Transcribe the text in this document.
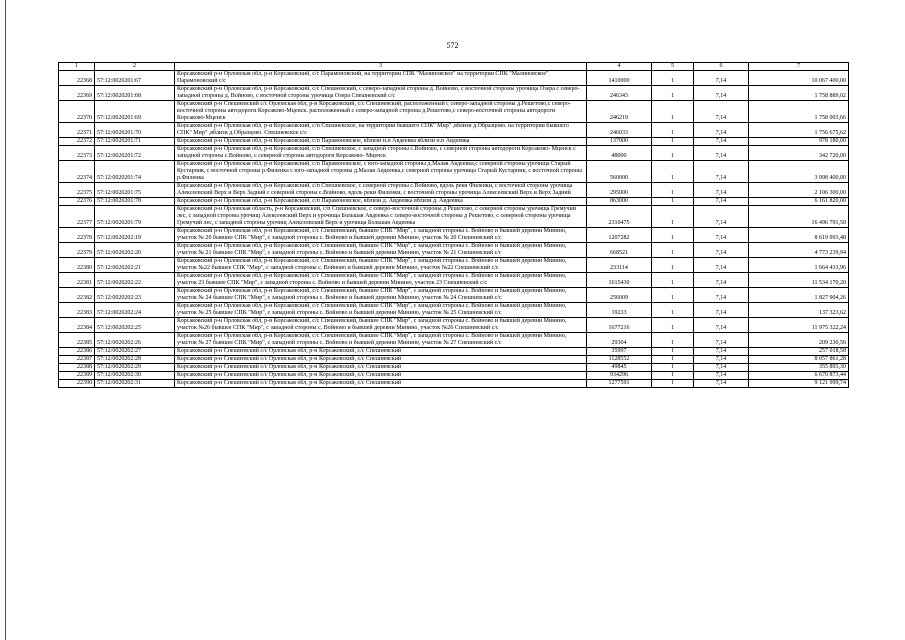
572
1	2	3	4	5	6	7
22368	57:12:0020201:67	Корсаковский р-н Орловская обл, р-н Корсаковский, с/с Парамоновский, на территории СПК "Малиновское" на территории СПК "Малиновское" Парамоновский с/с	1410000	1	7,14	10 067 400,00
22369	57:12:0020201:68	Корсаковский р-н Орловская обл, р-н Корсаковский, с/с Спешневский, с северо-западной стороны д. Войново, с восточной стороны урочища Озера с северо-западной стороны д. Войново, с восточной стороны урочища Озера Спешневский с/с	246343	1	7,14	1 758 889,02
22370	57:12:0020201:69	Корсаковский р-н Спешневский с/с Орловская обл, р-н Корсаковский, с/с Спешневский, расположенный с северо-западной стороны д.Решетово,с северо-восточной стороны автодороги Корсаково-Мценск. расположенный с северо-западной стороны д.Решетово,с северо-восточной стороны автодороги Корсаково-Мценск	246219	1	7,14	1 758 003,66
22371	57:12:0020201:70	Корсаковский р-н Орловская обл, р-н Корсаковский, с/п Спешневское, на территории бывшего СПК" Мир" ,вблизи д.Образцово. на территории бывшего СПК" Мир" ,вблизи д.Образцово. Спешневское с/с	246033	1	7,14	1 756 675,62
22372	57:12:0020201:71	Корсаковский р-н Орловская обл, р-н Корсаковский, с/п Парамоновское, вблизи н.п Авдеевка вблизи н.п Авдеевка	137000	1	7,14	978 180,00
22373	57:12:0020201:72	Корсаковский р-н Орловская обл, р-н Корсаковский, с/п Спешневское, с западной стороны с.Войново, с северной стороны автодороги Корсаково- Мценск с западной стороны с.Войново, с северной стороны автодороги Корсаково- Мценск	48000	1	7,14	342 720,00
22374	57:12:0020201:74	Корсаковский р-н Орловская обл, р-н Корсаковский, с/п Парамоновское, с юго-западной стороны д.Малая Авдеевка,с северной стороны урочища Старый Кустарник, с восточной стороны р.Филенка с юго-западной стороны д.Малая Авдеевка,с северной стороны урочища Старый Кустарник, с восточной стороны р.Филенка	560000	1	7,14	3 998 400,00
22375	57:12:0020201:75	Корсаковский р-н Орловская обл, р-н Корсаковский, с/п Спешневское, с северной стороны с.Войново, вдоль реки Филенки, с восточной стороны урочища Алексеевский Верх и Верх Задний с северной стороны с.Войново, вдоль реки Филенки, с восточной стороны урочища Алексеевский Верх и Верх Задний	295000	1	7,14	2 106 300,00
22376	57:12:0020201:78	Корсаковский р-н Орловская обл, р-н Корсаковский, с/п Парамоновское, вблизи д. Авдеевка вблизи д. Авдеевка	863000	1	7,14	6 161 820,00
22377	57:12:0020201:79	Корсаковский р-н Орловская область, р-н Корсаковский, с/п Спешневское, с северо-восточной стороны д Решетово, с северной стороны урочища Гремучий лес, с западной стороны урочищ Алексеевский Верх и урочища Большая Авдеевка с северо-восточной стороны д Решетово, с северной стороны урочища Гремучий лес, с западной стороны урочищ Алексеевский Верх и урочища Большая Авдеевка	2310475	1	7,14	16 496 791,50
22378	57:12:0020202:19	Корсаковский р-н Орловская обл, р-н Корсаковский, с/с Спешневский, бывшее СПК "Мир", с западной стороны с. Войново и бывшей деревни Минино, участок № 20 бывшее СПК "Мир", с западной стороны с. Войново и бывшей деревни Минино, участок № 20 Спешневский с/с	1207282	1	7,14	8 619 993,48
22379	57:12:0020202:20	Корсаковский р-н Орловская обл, р-н Корсаковский, с/с Спешневский, бывшее СПК "Мир", с западной стороны с. Войново и бывшей деревни Минино, участок № 21 бывшее СПК "Мир", с западной стороны с. Войново и бывшей деревни Минино, участок № 21 Спешневский с/с	668521	1	7,14	4 773 239,94
22380	57:12:0020202:21	Корсаковский р-н Орловская обл, р-н Корсаковский, с/с Спешневский, бывшее СПК "Мир", с западной стороны с. Войново и бывшей деревни Минино, участок №22 бывшее СПК "Мир", с западной стороны с. Войново и бывшей деревни Минино, участок №22 Спешневский с/с	233114	1	7,14	1 664 433,96
22381	57:12:0020202:22	Корсаковский р-н Орловская обл, р-н Корсаковский, с/с Спешневский, бывшее СПК "Мир", с западной стороны с. Войново и бывшей деревни Минино, участок 23 бывшее СПК "Мир", с западной стороны с. Войново и бывшей деревни Минино, участок 23 Спешневский с/с	1615430	1	7,14	11 534 170,20
22382	57:12:0020202:23	Корсаковский р-н Орловская обл, р-н Корсаковский, с/с Спешневский, бывшее СПК "Мир", с западной стороны с. Войново и бывшей деревни Минино, участок № 24 бывшее СПК "Мир", с западной стороны с. Войново и бывшей деревни Минино, участок № 24 Спешневский с/с	256009	1	7,14	1 827 904,26
22383	57:12:0020202:24	Корсаковский р-н Орловская обл, р-н Корсаковский, с/с Спешневский, бывшее СПК "Мир", с западной стороны с. Войново и бывшей деревни Минино, участок № 25 бывшее СПК "Мир", с западной стороны с. Войново и бывшей деревни Минино, участок № 25 Спешневский с/с	19233	1	7,14	137 323,62
22384	57:12:0020202:25	Корсаковский р-н Орловская обл, р-н Корсаковский, с/с Спешневский, бывшее СПК "Мир", с западной стороны с. Войново и бывшей деревни Минино, участок №26 бывшее СПК "Мир", с западной стороны с. Войново и бывшей деревни Минино, участок №26 Спешневский с/с	1677216	1	7,14	11 975 322,24
22385	57:12:0020202:26	Корсаковский р-н Орловская обл, р-н Корсаковский, с/с Спешневский, бывшее СПК "Мир", с западной стороны с. Войново и бывшей деревни Минино, участок № 27 бывшее СПК "Мир", с западной стороны с. Войново и бывшей деревни Минино, участок № 27 Спешневский с/с	29304	1	7,14	209 230,56
22386	57:12:0020202:27	Корсаковский р-н Спешневский с/с Орловская обл, р-н Корсаковский, с/с Спешневский	35997	1	7,14	257 018,58
22387	57:12:0020202:28	Корсаковский р-н Спешневский с/с Орловская обл, р-н Корсаковский, с/с Спешневский	1128552	1	7,14	8 057 861,28
22388	57:12:0020202:29	Корсаковский р-н Спешневский с/с Орловская обл, р-н Корсаковский, с/с Спешневский	49845	1	7,14	355 893,30
22389	57:12:0020202:30	Корсаковский р-н Спешневский с/с Орловская обл, р-н Корсаковский, с/с Спешневский	934296	1	7,14	6 670 873,44
22390	57:12:0020202:31	Корсаковский р-н Спешневский с/с Орловская обл, р-н Корсаковский, с/с Спешневский	1277591	1	7,14	9 121 999,74
